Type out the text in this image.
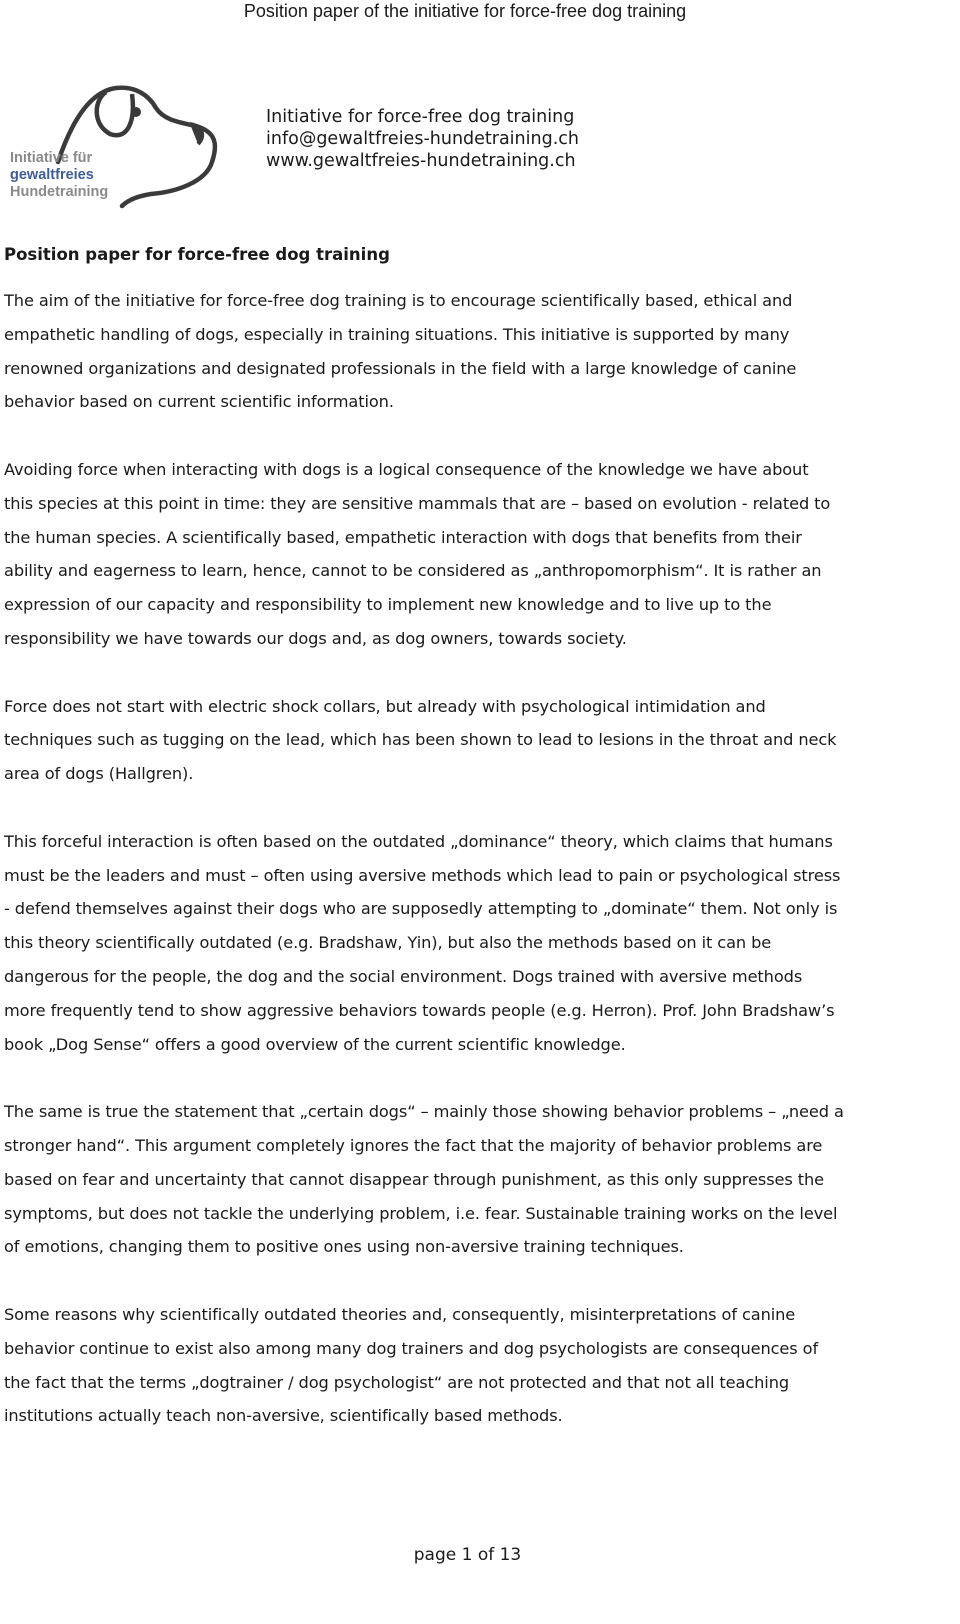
Position paper of the initiative for force-free dog training
Initiative für
gewaltfreies
Hundetraining
Initiative for force-free dog training
info@gewaltfreies-hundetraining.ch
www.gewaltfreies-hundetraining.ch
Position paper for force-free dog training

The aim of the initiative for force-free dog training is to encourage scientifically based, ethical and
empathetic handling of dogs, especially in training situations. This initiative is supported by many
renowned organizations and designated professionals in the field with a large knowledge of canine
behavior based on current scientific information.

Avoiding force when interacting with dogs is a logical consequence of the knowledge we have about
this species at this point in time: they are sensitive mammals that are – based on evolution - related to
the human species. A scientifically based, empathetic interaction with dogs that benefits from their
ability and eagerness to learn, hence, cannot to be considered as „anthropomorphism“. It is rather an
expression of our capacity and responsibility to implement new knowledge and to live up to the
responsibility we have towards our dogs and, as dog owners, towards society.

Force does not start with electric shock collars, but already with psychological intimidation and
techniques such as tugging on the lead, which has been shown to lead to lesions in the throat and neck
area of dogs (Hallgren).

This forceful interaction is often based on the outdated „dominance“ theory, which claims that humans
must be the leaders and must – often using aversive methods which lead to pain or psychological stress
- defend themselves against their dogs who are supposedly attempting to „dominate“ them. Not only is
this theory scientifically outdated (e.g. Bradshaw, Yin), but also the methods based on it can be
dangerous for the people, the dog and the social environment. Dogs trained with aversive methods
more frequently tend to show aggressive behaviors towards people (e.g. Herron). Prof. John Bradshaw’s
book „Dog Sense“ offers a good overview of the current scientific knowledge.

The same is true the statement that „certain dogs“ – mainly those showing behavior problems – „need a
stronger hand“. This argument completely ignores the fact that the majority of behavior problems are
based on fear and uncertainty that cannot disappear through punishment, as this only suppresses the
symptoms, but does not tackle the underlying problem, i.e. fear. Sustainable training works on the level
of emotions, changing them to positive ones using non-aversive training techniques.

Some reasons why scientifically outdated theories and, consequently, misinterpretations of canine
behavior continue to exist also among many dog trainers and dog psychologists are consequences of
the fact that the terms „dogtrainer / dog psychologist“ are not protected and that not all teaching
institutions actually teach non-aversive, scientifically based methods.

page 1 of 13
